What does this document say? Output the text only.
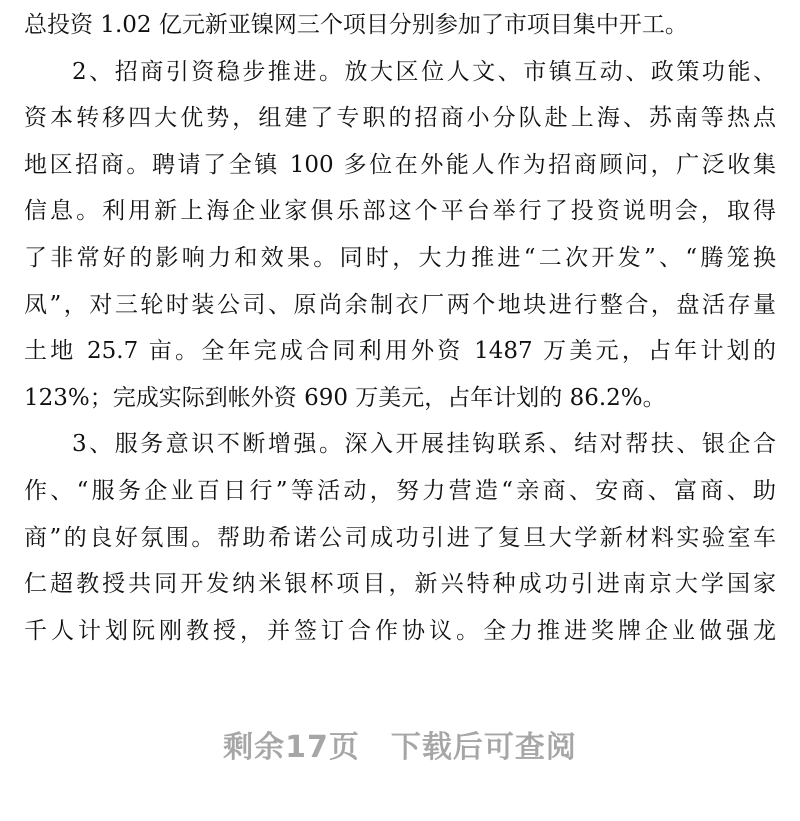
总投资 1.02 亿元新亚镍网三个项目分别参加了市项目集中开工。
2、招商引资稳步推进。放大区位人文、市镇互动、政策功能、
资本转移四大优势，组建了专职的招商小分队赴上海、苏南等热点
地区招商。聘请了全镇 100 多位在外能人作为招商顾问，广泛收集
信息。利用新上海企业家俱乐部这个平台举行了投资说明会，取得
了非常好的影响力和效果。同时，大力推进“二次开发”、“腾笼换
凤”，对三轮时装公司、原尚余制衣厂两个地块进行整合，盘活存量
土地 25.7 亩。全年完成合同利用外资 1487 万美元，占年计划的
123%；完成实际到帐外资 690 万美元，占年计划的 86.2%。
3、服务意识不断增强。深入开展挂钩联系、结对帮扶、银企合
作、“服务企业百日行”等活动，努力营造“亲商、安商、富商、助
商”的良好氛围。帮助希诺公司成功引进了复旦大学新材料实验室车
仁超教授共同开发纳米银杯项目，新兴特种成功引进南京大学国家
千人计划阮刚教授，并签订合作协议。全力推进奖牌企业做强龙
剩余17页　下载后可查阅
